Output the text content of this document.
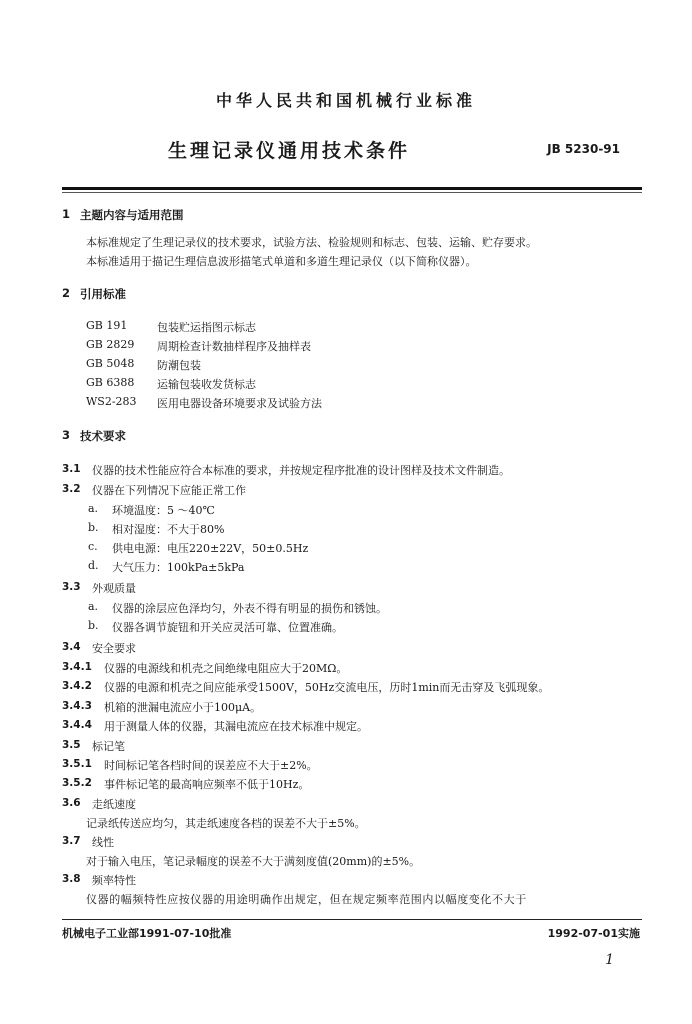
中华人民共和国机械行业标准
生理记录仪通用技术条件	JB 5230-91
1 主题内容与适用范围
本标准规定了生理记录仪的技术要求，试验方法、检验规则和标志、包装、运输、贮存要求。
本标准适用于描记生理信息波形描笔式单道和多道生理记录仪（以下简称仪器）。
2 引用标准
GB 191	包装贮运指图示标志
GB 2829 周期检查计数抽样程序及抽样表
GB 5048 防潮包装
GB 6388 运输包装收发货标志
WS2-283 医用电器设备环境要求及试验方法
3 技术要求
3.1 仪器的技术性能应符合本标准的要求，并按规定程序批准的设计图样及技术文件制造。
3.2 仪器在下列情况下应能正常工作
a. 环境温度：5 ～40℃
b. 相对湿度：不大于80%
c. 供电电源：电压220±22V，50±0.5Hz
d. 大气压力：100kPa±5kPa
3.3 外观质量
a. 仪器的涂层应色泽均匀，外表不得有明显的损伤和锈蚀。
b. 仪器各调节旋钮和开关应灵活可靠、位置准确。
3.4 安全要求
3.4.1 仪器的电源线和机壳之间绝缘电阻应大于20MΩ。
3.4.2 仪器的电源和机壳之间应能承受1500V，50Hz交流电压，历时1min而无击穿及飞弧现象。
3.4.3 机箱的泄漏电流应小于100μA。
3.4.4 用于测量人体的仪器，其漏电流应在技术标准中规定。
3.5 标记笔
3.5.1 时间标记笔各档时间的误差应不大于±2%。
3.5.2 事件标记笔的最高响应频率不低于10Hz。
3.6 走纸速度
记录纸传送应均匀，其走纸速度各档的误差不大于±5%。
3.7 线性
对于输入电压，笔记录幅度的误差不大于满刻度值(20mm)的±5%。
3.8 频率特性
仪器的幅频特性应按仪器的用途明确作出规定，但在规定频率范围内以幅度变化不大于
机械电子工业部1991-07-10批准	1992-07-01实施
1
